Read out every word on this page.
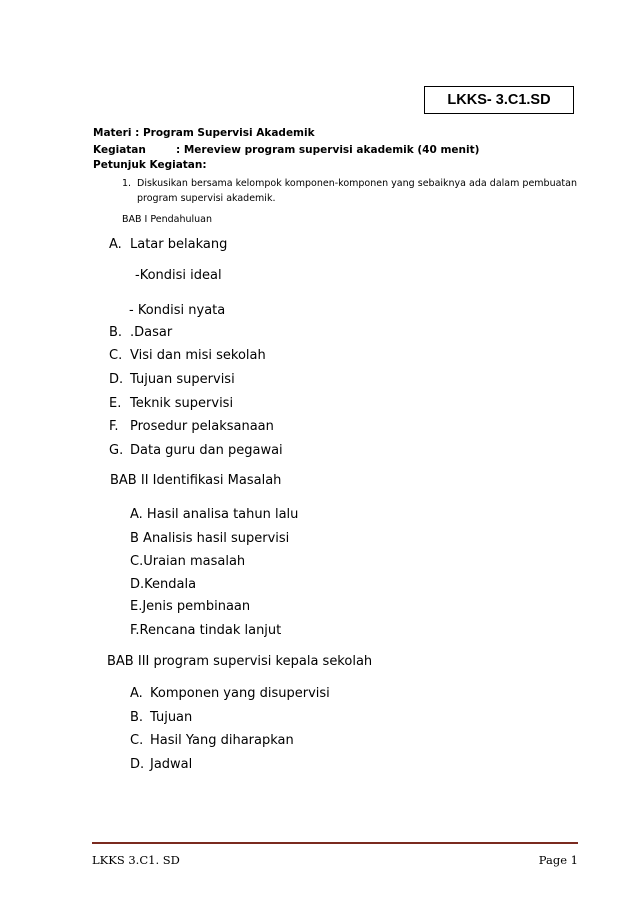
LKKS- 3.C1.SD
Materi : Program Supervisi Akademik
Kegiatan	: Mereview program supervisi akademik (40 menit)
Petunjuk Kegiatan:
1. Diskusikan bersama kelompok komponen-komponen yang sebaiknya ada dalam pembuatan
program supervisi akademik.
BAB I Pendahuluan
A. Latar belakang
-Kondisi ideal
- Kondisi nyata
B. .Dasar
C. Visi dan misi sekolah
D. Tujuan supervisi
E. Teknik supervisi
F. Prosedur pelaksanaan
G. Data guru dan pegawai
BAB II Identifikasi Masalah
A. Hasil analisa tahun lalu
B Analisis hasil supervisi
C.Uraian masalah
D.Kendala
E.Jenis pembinaan
F.Rencana tindak lanjut
BAB III program supervisi kepala sekolah
A. Komponen yang disupervisi
B. Tujuan
C. Hasil Yang diharapkan
D. Jadwal
LKKS 3.C1. SD	Page 1
